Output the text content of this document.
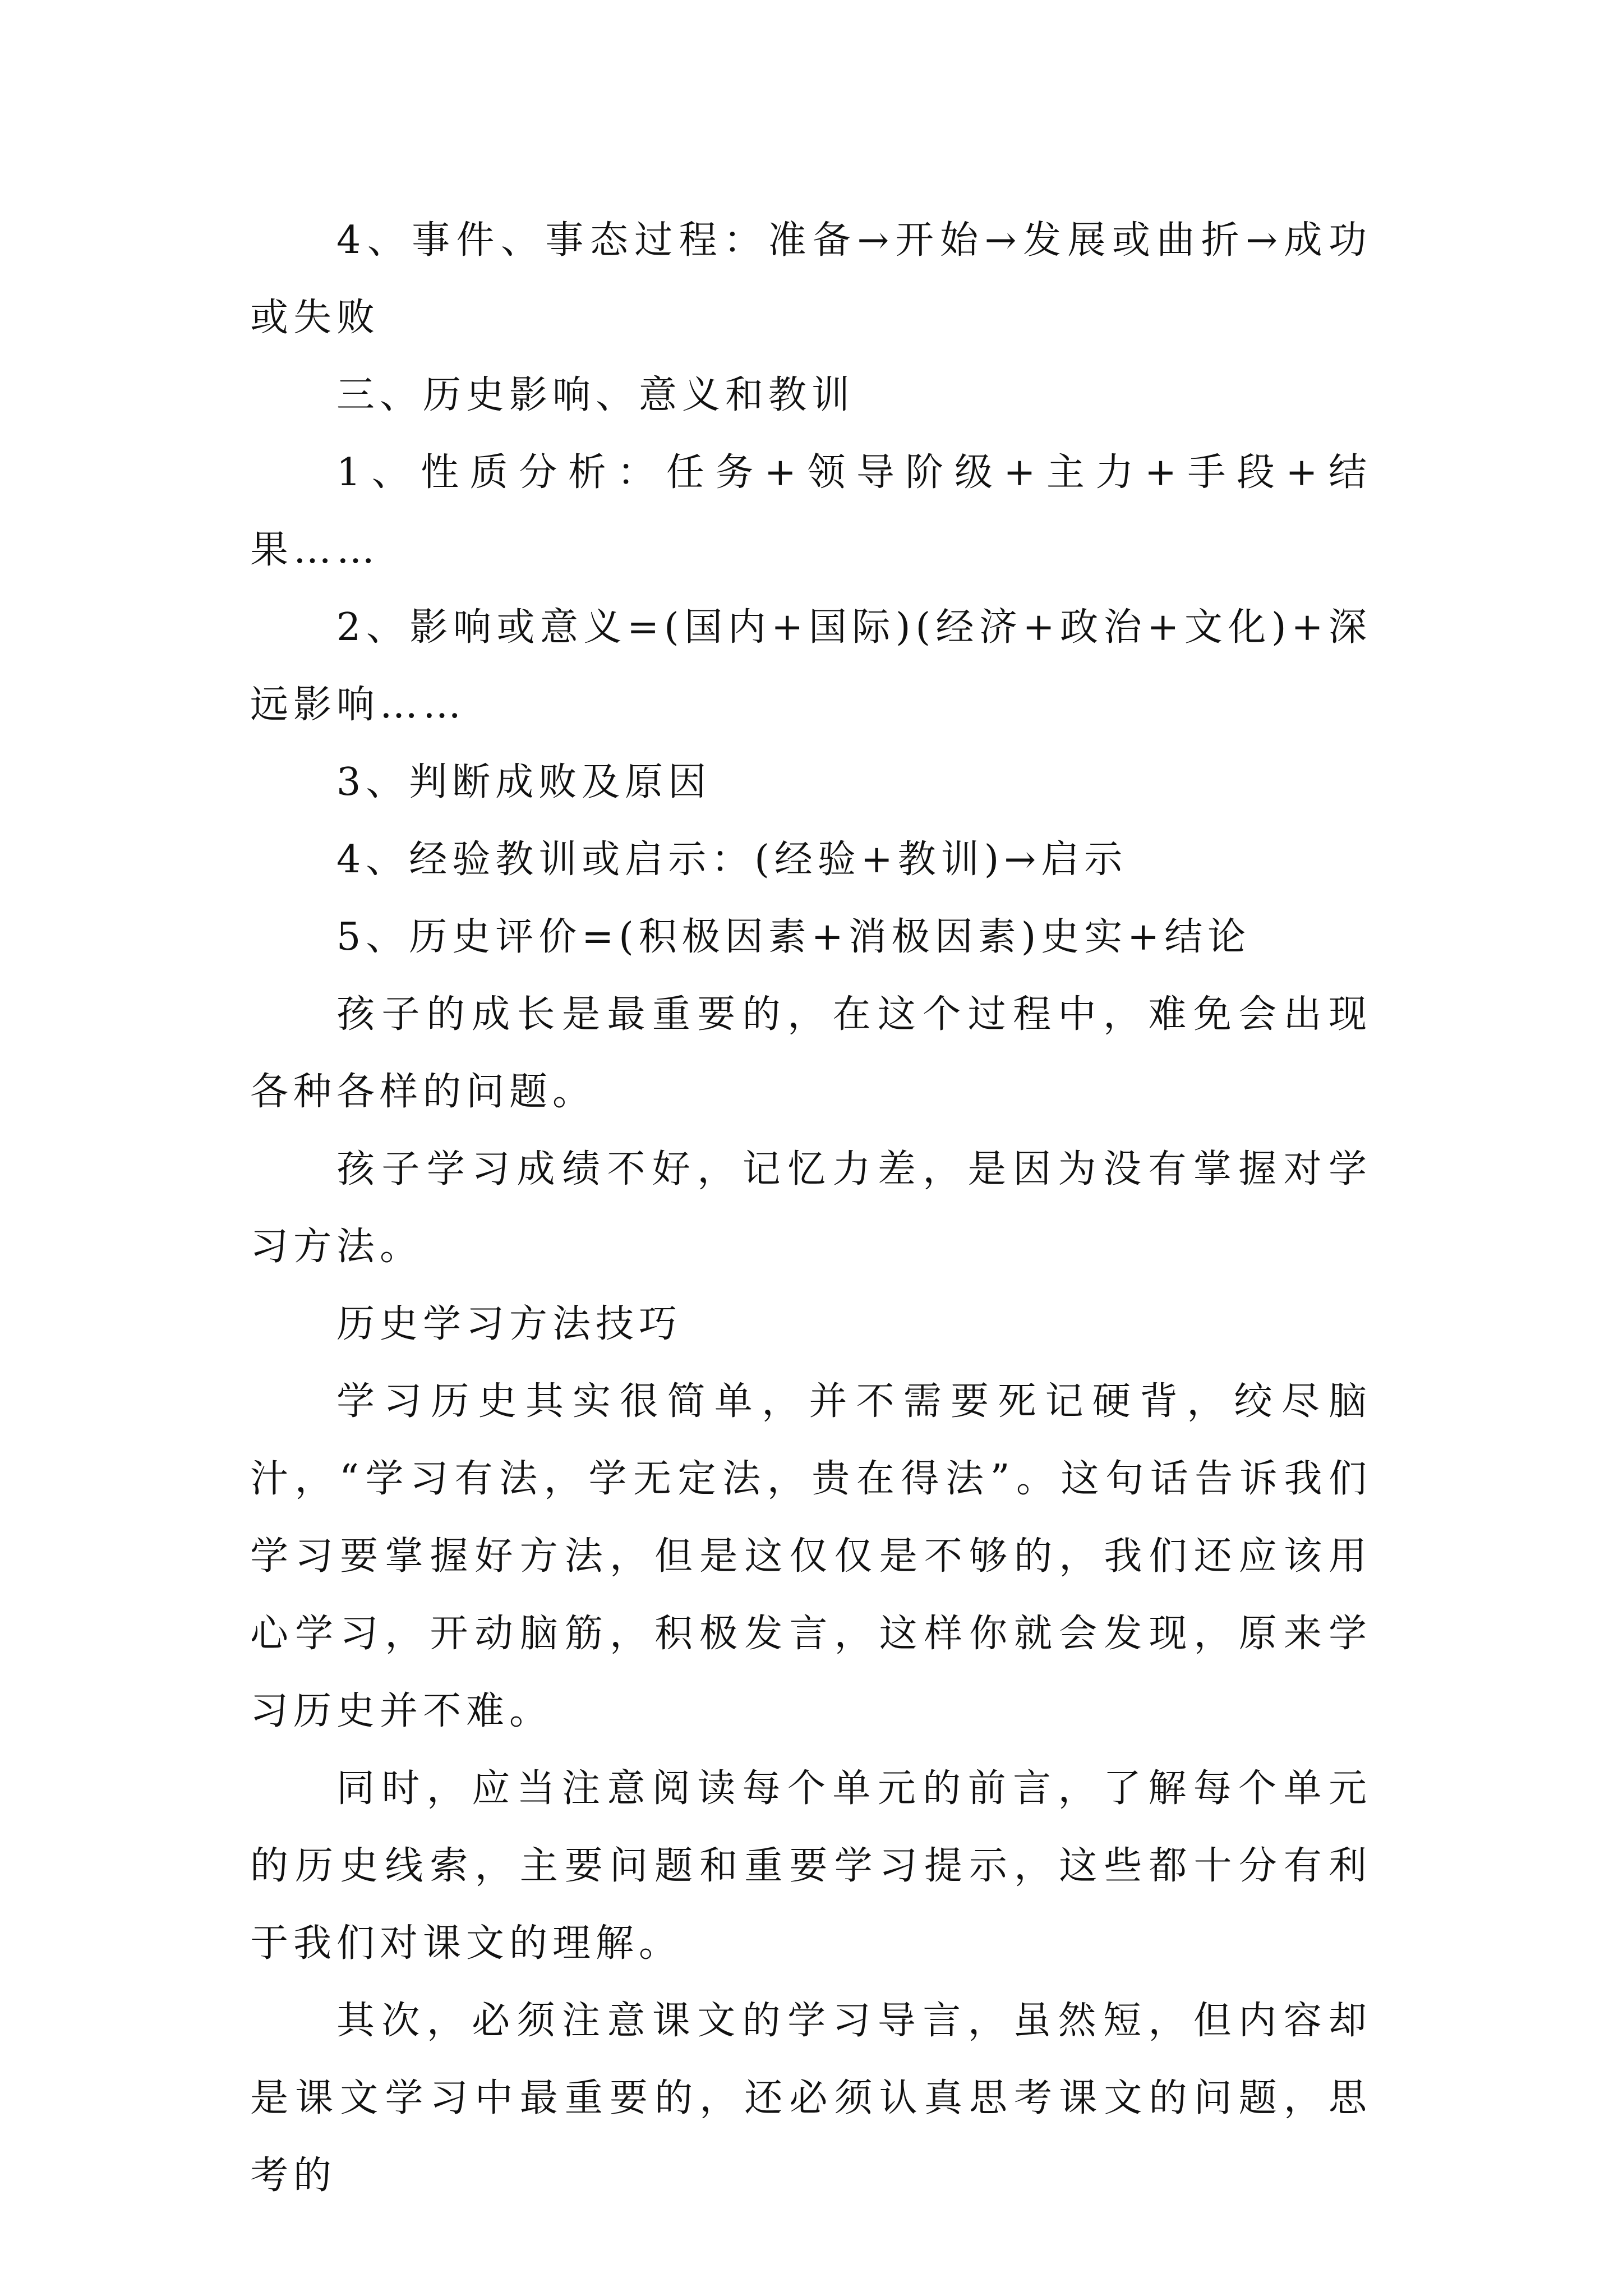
4、事件、事态过程：准备→开始→发展或曲折→成功或失败

三、历史影响、意义和教训

1、性质分析：任务+领导阶级+主力+手段+结果……

2、影响或意义=(国内+国际)(经济+政治+文化)+深远影响……

3、判断成败及原因

4、经验教训或启示：(经验+教训)→启示

5、历史评价=(积极因素+消极因素)史实+结论

孩子的成长是最重要的，在这个过程中，难免会出现各种各样的问题。

孩子学习成绩不好，记忆力差，是因为没有掌握对学习方法。

历史学习方法技巧

学习历史其实很简单，并不需要死记硬背，绞尽脑汁，“学习有法，学无定法，贵在得法”。这句话告诉我们学习要掌握好方法，但是这仅仅是不够的，我们还应该用心学习，开动脑筋，积极发言，这样你就会发现，原来学习历史并不难。

同时，应当注意阅读每个单元的前言，了解每个单元的历史线索，主要问题和重要学习提示，这些都十分有利于我们对课文的理解。

其次，必须注意课文的学习导言，虽然短，但内容却是课文学习中最重要的，还必须认真思考课文的问题，思考的
